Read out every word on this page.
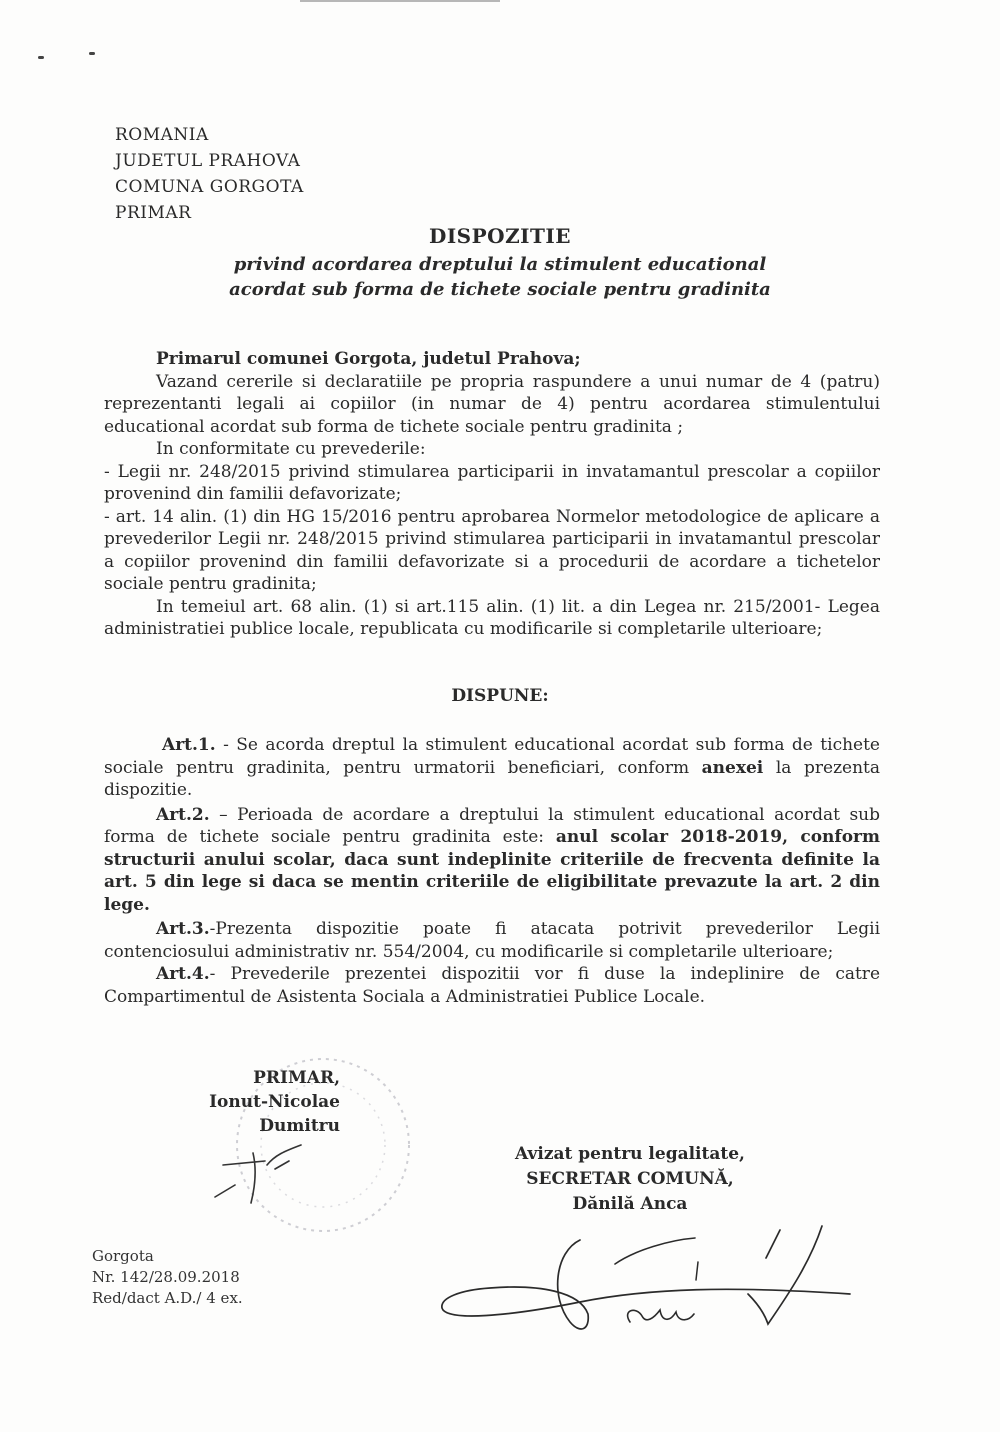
ROMANIA
JUDETUL PRAHOVA
COMUNA GORGOTA
PRIMAR
DISPOZITIE
privind acordarea dreptului la stimulent educational
acordat sub forma de tichete sociale pentru gradinita

Primarul comunei Gorgota, judetul Prahova;

Vazand cererile si declaratiile pe propria raspundere a unui numar de 4 (patru) reprezentanti legali ai copiilor (in numar de 4) pentru acordarea stimulentului educational acordat sub forma de tichete sociale pentru gradinita ;

In conformitate cu prevederile:

- Legii nr. 248/2015 privind stimularea participarii in invatamantul prescolar a copiilor provenind din familii defavorizate;

- art. 14 alin. (1) din HG 15/2016 pentru aprobarea Normelor metodologice de aplicare a prevederilor Legii nr. 248/2015 privind stimularea participarii in invatamantul prescolar a copiilor provenind din familii defavorizate si a procedurii de acordare a tichetelor sociale pentru gradinita;

In temeiul art. 68 alin. (1) si art.115 alin. (1) lit. a din Legea nr. 215/2001- Legea administratiei publice locale, republicata cu modificarile si completarile ulterioare;

DISPUNE:

Art.1. - Se acorda dreptul la stimulent educational acordat sub forma de tichete sociale pentru gradinita, pentru urmatorii beneficiari, conform anexei la prezenta dispozitie.

Art.2. – Perioada de acordare a dreptului la stimulent educational acordat sub forma de tichete sociale pentru gradinita este: anul scolar 2018-2019, conform structurii anului scolar, daca sunt indeplinite criteriile de frecventa definite la art. 5 din lege si daca se mentin criteriile de eligibilitate prevazute la art. 2 din lege.

Art.3.-Prezenta dispozitie poate fi atacata potrivit prevederilor Legii contenciosului administrativ nr. 554/2004, cu modificarile si completarile ulterioare;

Art.4.- Prevederile prezentei dispozitii vor fi duse la indeplinire de catre Compartimentul de Asistenta Sociala a Administratiei Publice Locale.

PRIMAR,
Ionut-Nicolae Dumitru
Avizat pentru legalitate,
SECRETAR COMUNĂ,
Dănilă Anca
Gorgota
Nr. 142/28.09.2018
Red/dact A.D./ 4 ex.
